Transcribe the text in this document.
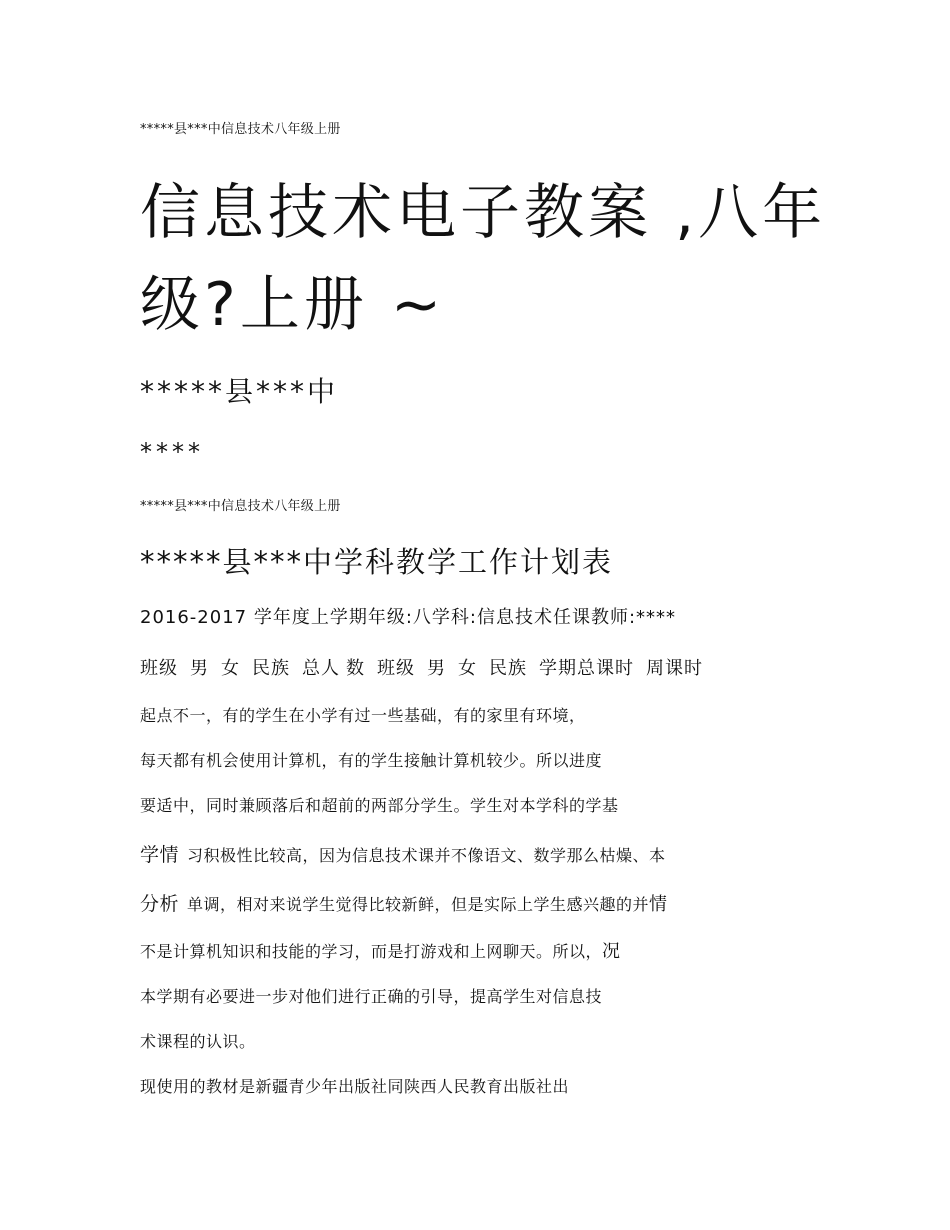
*****县***中信息技术八年级上册
信息技术电子教案 ,八年
级?上册 ~
*****县***中
****
*****县***中信息技术八年级上册
*****县***中学科教学工作计划表
2016-2017 学年度上学期年级:八学科:信息技术任课教师:****
班级 男 女 民族 总人 数 班级 男 女 民族 学期总课时 周课时
起点不一，有的学生在小学有过一些基础，有的家里有环境，
每天都有机会使用计算机，有的学生接触计算机较少。所以进度
要适中，同时兼顾落后和超前的两部分学生。学生对本学科的学基
学情 习积极性比较高，因为信息技术课并不像语文、数学那么枯燥、本
分析 单调，相对来说学生觉得比较新鲜，但是实际上学生感兴趣的并情
不是计算机知识和技能的学习，而是打游戏和上网聊天。所以，况
本学期有必要进一步对他们进行正确的引导，提高学生对信息技
术课程的认识。
现使用的教材是新疆青少年出版社同陕西人民教育出版社出
